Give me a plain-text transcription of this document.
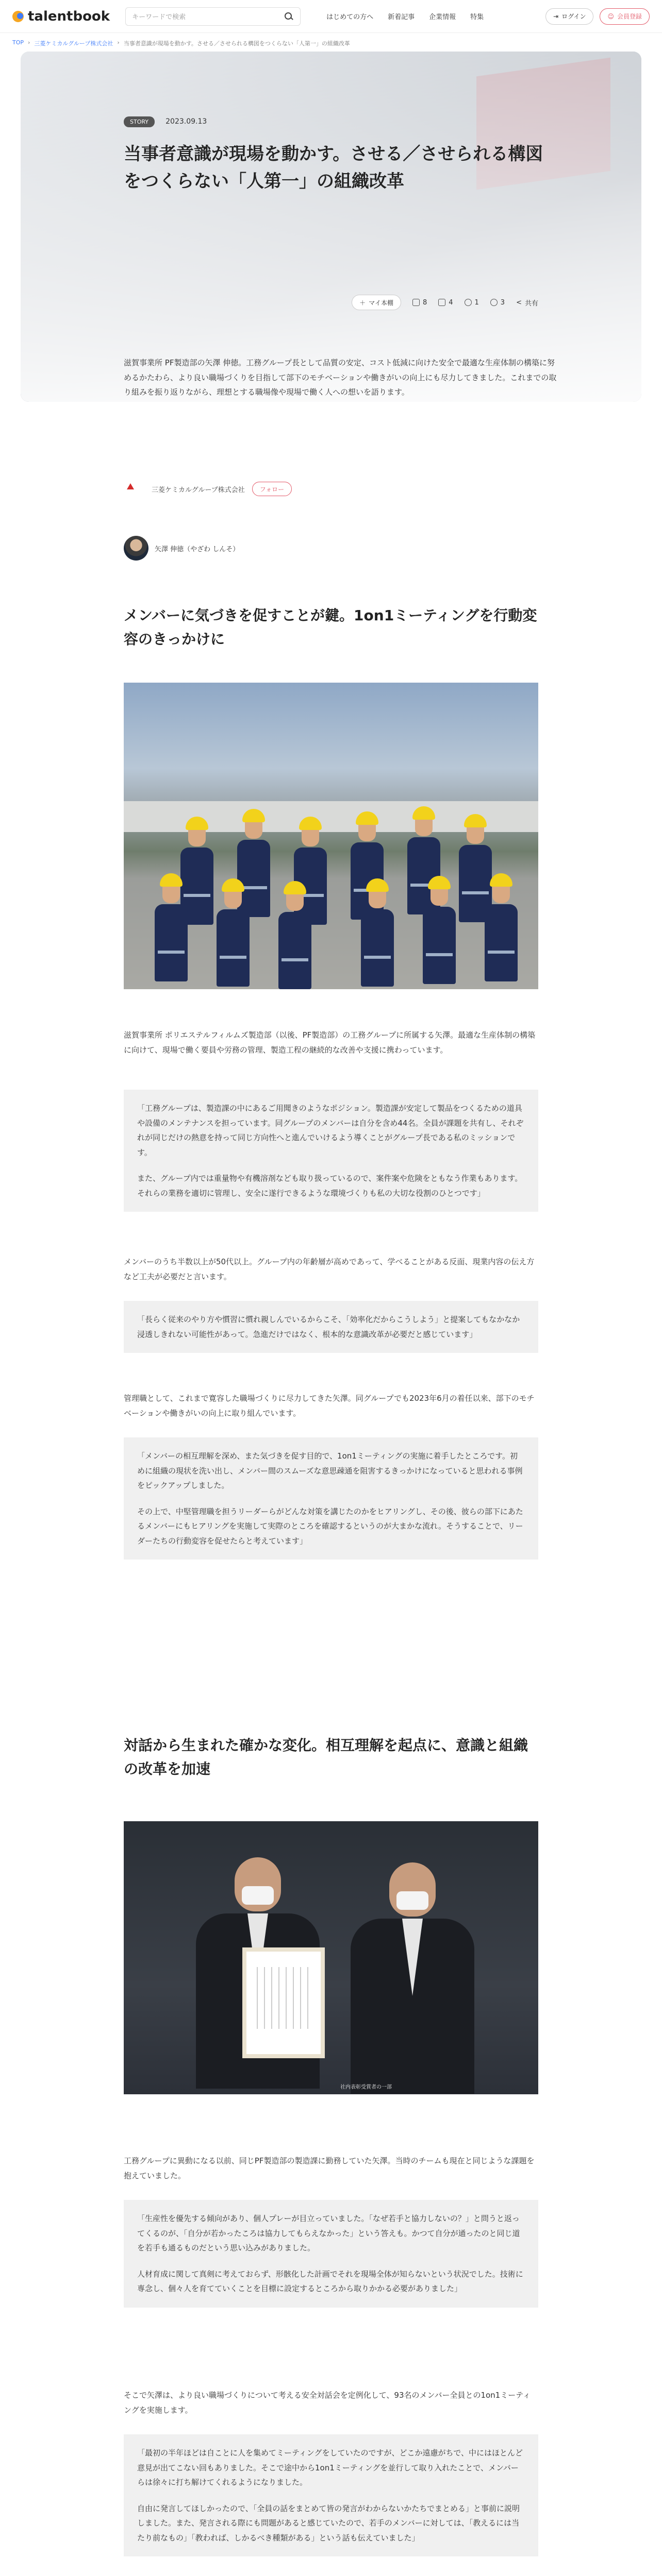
talentbook	キーワードで検索	はじめての方へ 新着記事 企業情報 特集	⇥ ログイン	☺ 会員登録
TOP › 三菱ケミカルグループ株式会社 › 当事者意識が現場を動かす。させる／させられる構図をつくらない「人第一」の組織改革
STORY 2023.09.13
当事者意識が現場を動かす。させる／させられる構図をつくらない「人第一」の組織改革
＋ マイ本棚	8	4	1	3 < 共有
滋賀事業所 PF製造部の矢澤 伸徳。工務グループ長として品質の安定、コスト低減に向けた安全で最適な生産体制の構築に努めるかたわら、より良い職場づくりを目指して部下のモチベーションや働きがいの向上にも尽力してきました。これまでの取り組みを振り返りながら、理想とする職場像や現場で働く人への想いを語ります。
三菱ケミカルグループ株式会社	フォロー
矢澤 伸徳（やざわ しんそ）
メンバーに気づきを促すことが鍵。1on1ミーティングを行動変容のきっかけに
滋賀事業所 ポリエステルフィルムズ製造部（以後、PF製造部）の工務グループに所属する矢澤。最適な生産体制の構築に向けて、現場で働く要員や労務の管理、製造工程の継続的な改善や支援に携わっています。

「工務グループは、製造課の中にあるご用聞きのようなポジション。製造課が安定して製品をつくるための道具や設備のメンテナンスを担っています。同グループのメンバーは自分を含め44名。全員が課題を共有し、それぞれが同じだけの熱意を持って同じ方向性へと進んでいけるよう導くことがグループ長である私のミッションです。

また、グループ内では重量物や有機溶剤なども取り扱っているので、案件案や危険をともなう作業もあります。それらの業務を適切に管理し、安全に遂行できるような環境づくりも私の大切な役割のひとつです」

メンバーのうち半数以上が50代以上。グループ内の年齢層が高めであって、学べることがある反面、現業内容の伝え方など工夫が必要だと言います。

「長らく従来のやり方や慣習に慣れ親しんでいるからこそ、「効率化だからこうしよう」と提案してもなかなか浸透しきれない可能性があって。急進だけではなく、根本的な意識改革が必要だと感じています」

管理職として、これまで寛容した職場づくりに尽力してきた矢澤。同グループでも2023年6月の着任以来、部下のモチベーションや働きがいの向上に取り組んでいます。

「メンバーの相互理解を深め、また気づきを促す目的で、1on1ミーティングの実施に着手したところです。初めに組織の現状を洗い出し、メンバー間のスムーズな意思疎通を阻害するきっかけになっていると思われる事例をピックアップしました。

その上で、中堅管理職を担うリーダーらがどんな対策を講じたのかをヒアリングし、その後、彼らの部下にあたるメンバーにもヒアリングを実施して実際のところを確認するというのが大まかな流れ。そうすることで、リーダーたちの行動変容を促せたらと考えています」

対話から生まれた確かな変化。相互理解を起点に、意識と組織の改革を加速
社内表彰受賞者の一部
工務グループに異動になる以前、同じPF製造部の製造課に勤務していた矢澤。当時のチームも現在と同じような課題を抱えていました。

「生産性を優先する傾向があり、個人プレーが目立っていました。「なぜ若手と協力しないの？」と問うと返ってくるのが、「自分が若かったころは協力してもらえなかった」という答えも。かつて自分が通ったのと同じ道を若手も通るものだという思い込みがありました。

人材育成に関して真剣に考えておらず、形骸化した計画でそれを現場全体が知らないという状況でした。技術に専念し、個々人を育てていくことを目標に設定するところから取りかかる必要がありました」

そこで矢澤は、より良い職場づくりについて考える安全対話会を定例化して、93名のメンバー全員との1on1ミーティングを実施します。

「最初の半年ほどは自ことに人を集めてミーティングをしていたのですが、どこか遠慮がちで、中にはほとんど意見が出てこない回もありました。そこで途中から1on1ミーティングを並行して取り入れたことで、メンバーらは徐々に打ち解けてくれるようになりました。

自由に発言してほしかったので、「全員の話をまとめて皆の発言がわからないかたちでまとめる」と事前に説明しました。また、発言される際にも問題があると感じていたので、若手のメンバーに対しては、「教えるには当たり前なもの」「教われば、しかるべき種類がある」という話も伝えていました」
